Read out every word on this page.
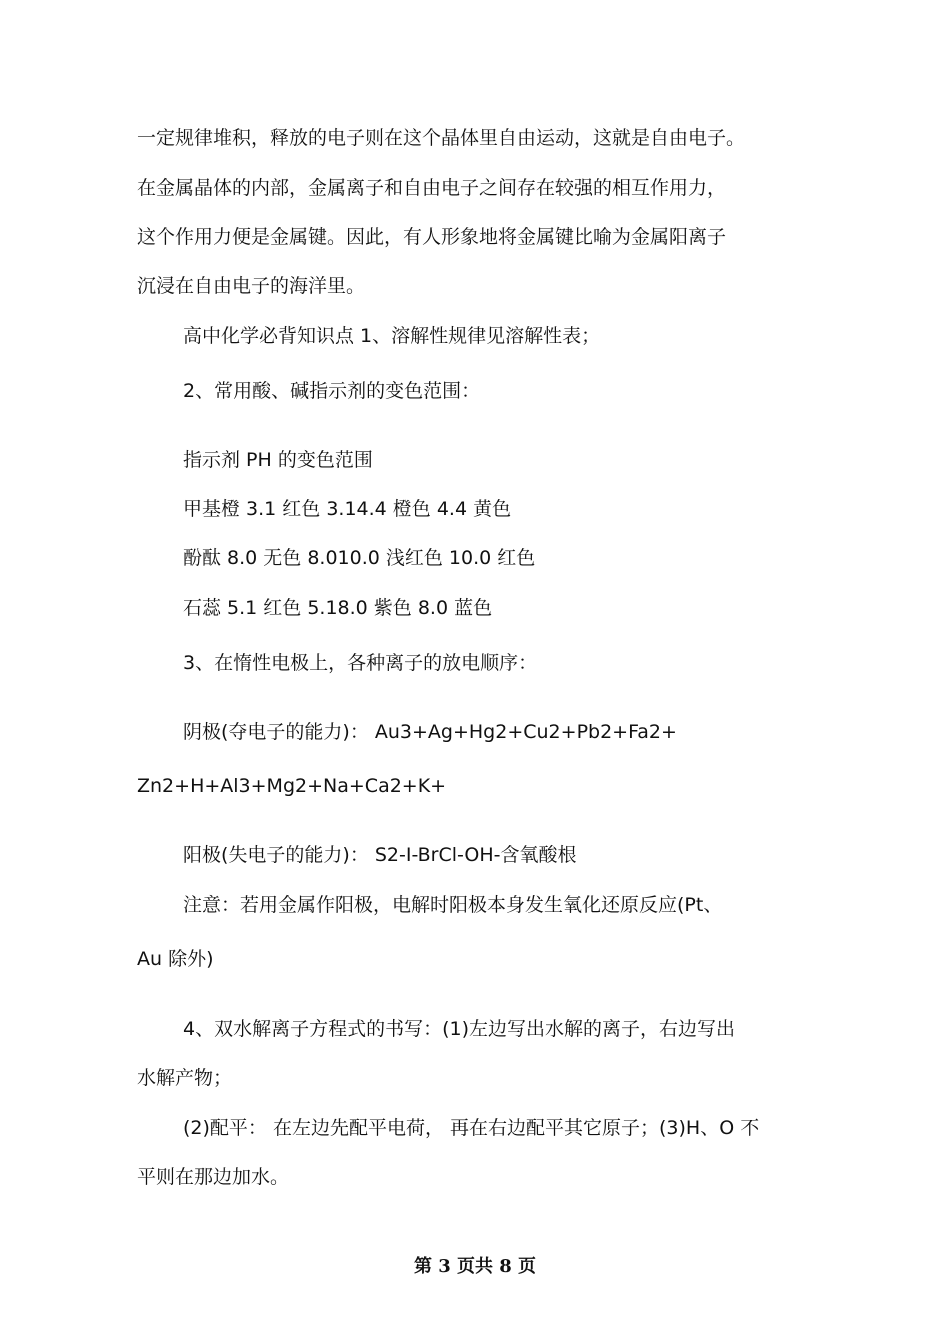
一定规律堆积，释放的电子则在这个晶体里自由运动，这就是自由电子。
在金属晶体的内部，金属离子和自由电子之间存在较强的相互作用力，
这个作用力便是金属键。因此，有人形象地将金属键比喻为金属阳离子
沉浸在自由电子的海洋里。
高中化学必背知识点 1、溶解性规律见溶解性表；
2、常用酸、碱指示剂的变色范围：
指示剂 PH 的变色范围
甲基橙 3.1 红色 3.14.4 橙色 4.4 黄色
酚酞 8.0 无色 8.010.0 浅红色 10.0 红色
石蕊 5.1 红色 5.18.0 紫色 8.0 蓝色
3、在惰性电极上，各种离子的放电顺序：
阴极(夺电子的能力)： Au3+Ag+Hg2+Cu2+Pb2+Fa2+
Zn2+H+Al3+Mg2+Na+Ca2+K+
阳极(失电子的能力)： S2-I-BrCl-OH-含氧酸根
注意：若用金属作阳极，电解时阳极本身发生氧化还原反应(Pt、
Au 除外)
4、双水解离子方程式的书写：(1)左边写出水解的离子，右边写出
水解产物；
(2)配平： 在左边先配平电荷， 再在右边配平其它原子；(3)H、O 不
平则在那边加水。
第 3 页共 8 页
